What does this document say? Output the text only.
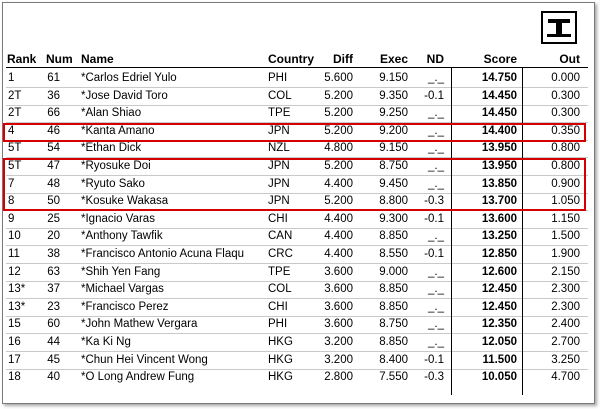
Rank Num Name	Country	Diff	Exec	ND	Score	Out
1	61 *Carlos Edriel Yulo	PHI	5.600	9.150	_._	14.750	0.000
2T	36 *Jose David Toro	COL	5.200	9.350	-0.1	14.450	0.300
2T	66 *Alan Shiao	TPE	5.200	9.250	_._	14.450	0.300
4	46 *Kanta Amano	JPN	5.200	9.200	_._	14.400	0.350
5T	54 *Ethan Dick	NZL	4.800	9.150	_._	13.950	0.800
5T	47 *Ryosuke Doi	JPN	5.200	8.750	_._	13.950	0.800
7	48 *Ryuto Sako	JPN	4.400	9.450	_._	13.850	0.900
8	50 *Kosuke Wakasa	JPN	5.200	8.800	-0.3	13.700	1.050
9	25 *Ignacio Varas	CHI	4.400	9.300	-0.1	13.600	1.150
10	20 *Anthony Tawfik	CAN	4.400	8.850	_._	13.250	1.500
11	38 *Francisco Antonio Acuna Flaqu	CRC	4.400	8.550	-0.1	12.850	1.900
12	63 *Shih Yen Fang	TPE	3.600	9.000	_._	12.600	2.150
13*	37 *Michael Vargas	COL	3.600	8.850	_._	12.450	2.300
13*	23 *Francisco Perez	CHI	3.600	8.850	_._	12.450	2.300
15	60 *John Mathew Vergara	PHI	3.600	8.750	_._	12.350	2.400
16	44 *Ka Ki Ng	HKG	3.200	8.850	_._	12.050	2.700
17	45 *Chun Hei Vincent Wong	HKG	3.200	8.400	-0.1	11.500	3.250
18	40 *O Long Andrew Fung	HKG	2.800	7.550	-0.3	10.050	4.700
